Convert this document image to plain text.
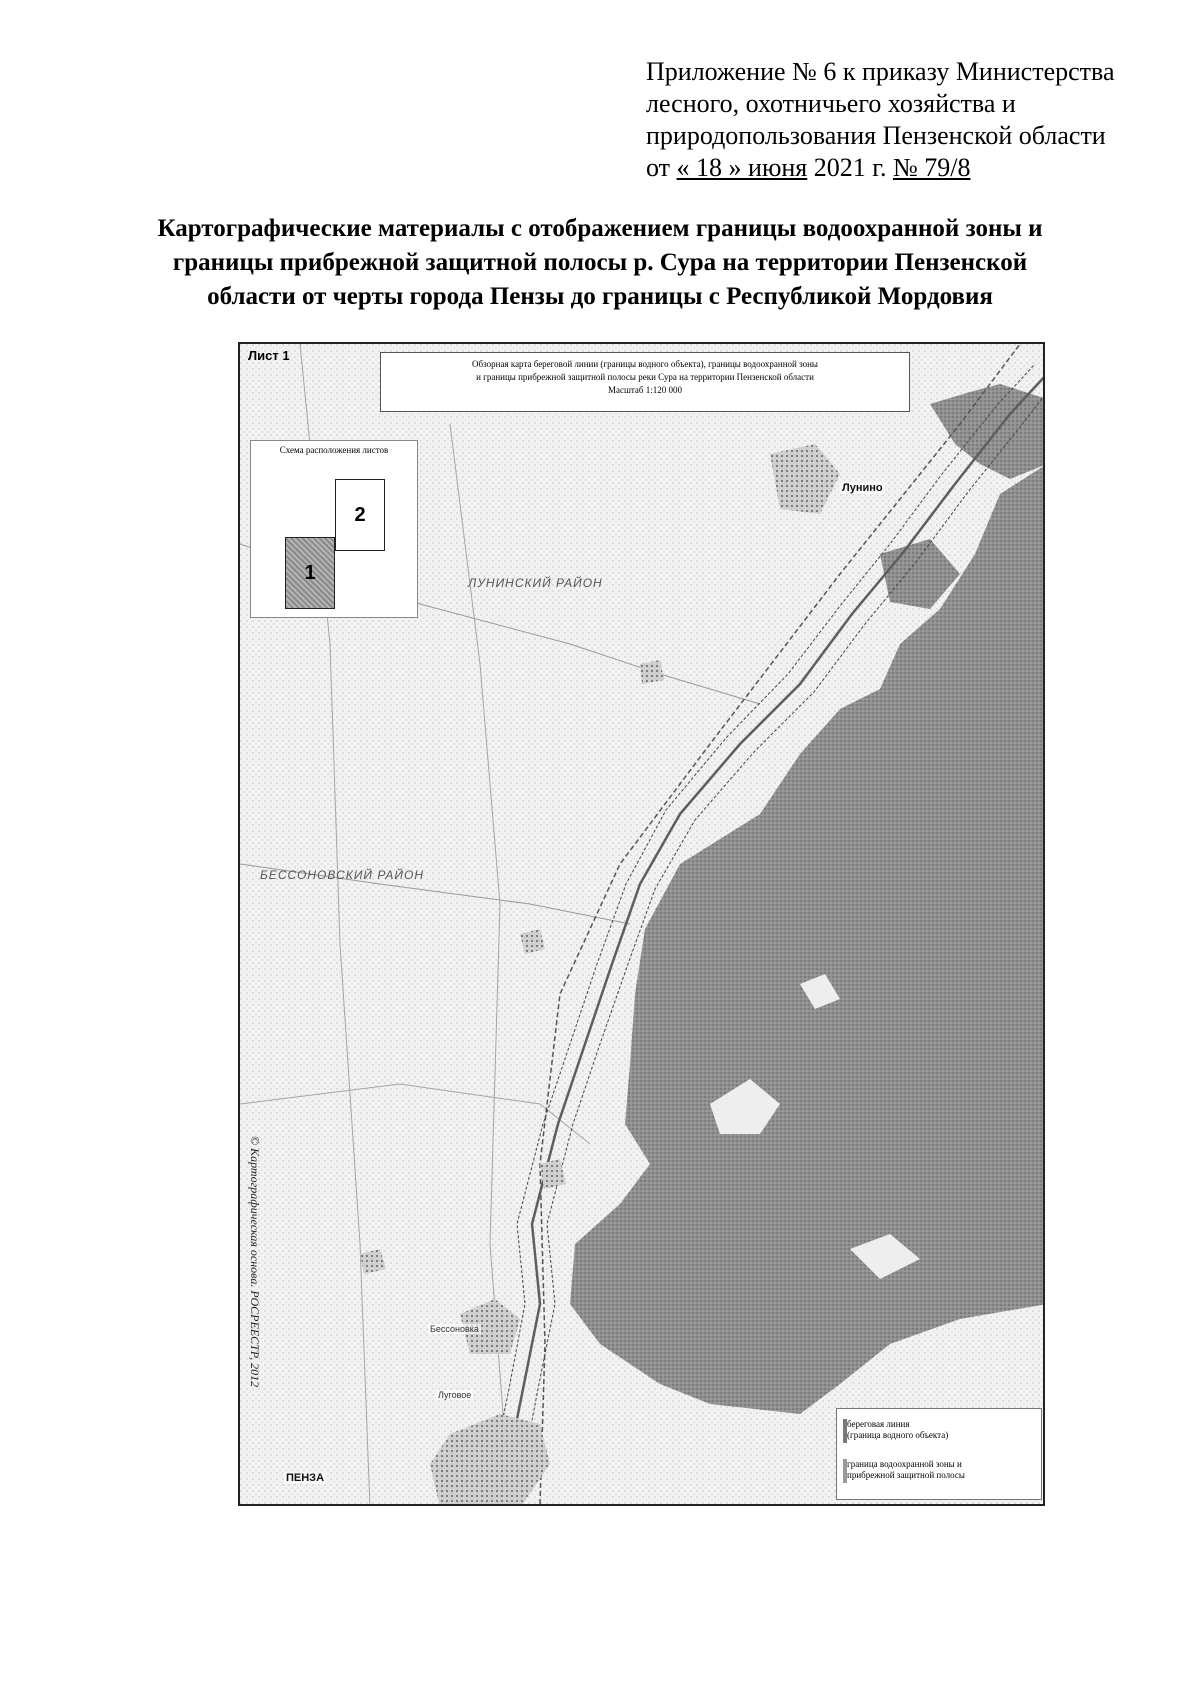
Приложение № 6 к приказу Министерства
лесного, охотничьего хозяйства и
природопользования Пензенской области
от « 18 » июня 2021 г. № 79/8
Картографические материалы с отображением границы водоохранной зоны и
границы прибрежной защитной полосы р. Сура на территории Пензенской
области от черты города Пензы до границы с Республикой Мордовия
Лист 1
Обзорная карта береговой линии (границы водного объекта), границы водоохранной зоны
и границы прибрежной защитной полосы реки Сура на территории Пензенской области
Масштаб 1:120 000
Схема расположения листов
2
1	ЛУНИНСКИЙ РАЙОН
БЕССОНОВСКИЙ РАЙОН
Лунино
ПЕНЗА
Бессоновка
Луговое
© Картографическая основа. РОСРЕЕСТР, 2012
береговая линия
(граница водного объекта)
граница водоохранной зоны и
прибрежной защитной полосы
